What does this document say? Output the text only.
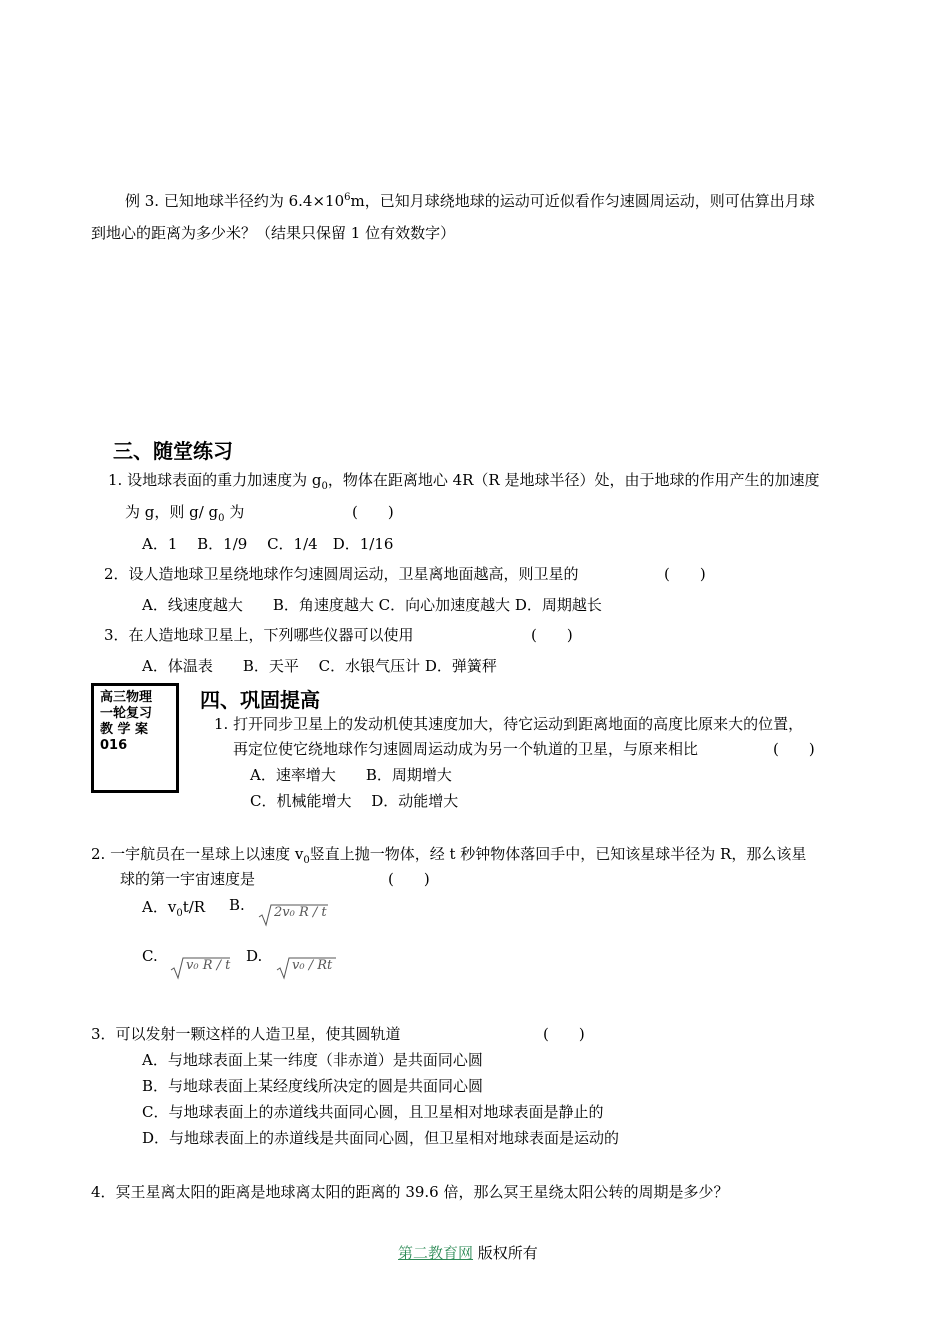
例 3. 已知地球半径约为 $6.4\times 10^6m$，已知月球绕地球的运动可近似看作匀速圆周运动，则可估算出月球
到地心的距离为多少米？（结果只保留 1 位有效数字）
三、随堂练习
1. 设地球表面的重力加速度为 $g_0$，物体在距离地心 4R（R 是地球半径）处，由于地球的作用产生的加速度
为 g，则 g/ $g_0$ 为	(　　)
A．1　 B．1/9　 C．1/4　D．1/16
2．设人造地球卫星绕地球作匀速圆周运动，卫星离地面越高，则卫星的	(　　)
A．线速度越大　　B．角速度越大 C．向心加速度越大 D．周期越长
3．在人造地球卫星上，下列哪些仪器可以使用	(　　)
A．体温表　　B．天平　 C．水银气压计 D．弹簧秤
高三物理
一轮复习
教 学 案
016
四、巩固提高
1. 打开同步卫星上的发动机使其速度加大，待它运动到距离地面的高度比原来大的位置，
再定位使它绕地球作匀速圆周运动成为另一个轨道的卫星，与原来相比	(　　)
A．速率增大　　B．周期增大
C．机械能增大　 D．动能增大
2. 一宇航员在一星球上以速度 $v_0$竖直上抛一物体，经 t 秒钟物体落回手中，已知该星球半径为 R，那么该星
球的第一宇宙速度是	(　　)
A．$v_0t/R$ B. 2v₀ R / t
C.
v₀ R / t
D.
v₀ / Rt
3．可以发射一颗这样的人造卫星，使其圆轨道	(　　)
A．与地球表面上某一纬度（非赤道）是共面同心圆
B．与地球表面上某经度线所决定的圆是共面同心圆
C．与地球表面上的赤道线共面同心圆，且卫星相对地球表面是静止的
D．与地球表面上的赤道线是共面同心圆，但卫星相对地球表面是运动的
4．冥王星离太阳的距离是地球离太阳的距离的 39.6 倍，那么冥王星绕太阳公转的周期是多少？
第二教育网 版权所有
